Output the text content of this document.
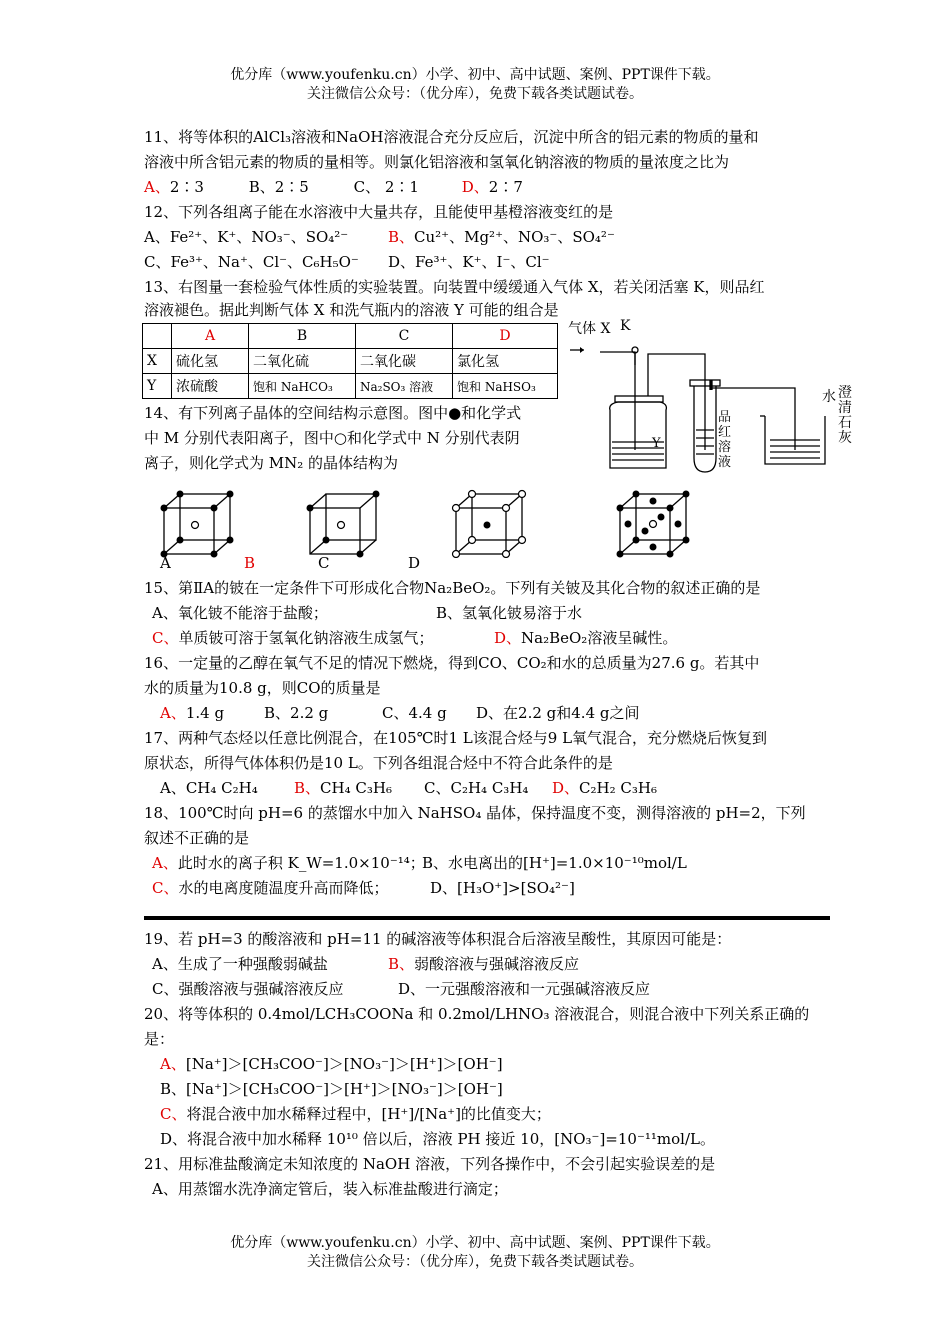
优分库（www.youfenku.cn）小学、初中、高中试题、案例、PPT课件下载。
关注微信公众号：（优分库），免费下载各类试题试卷。
11、将等体积的AlCl₃溶液和NaOH溶液混合充分反应后，沉淀中所含的铝元素的物质的量和
溶液中所含铝元素的物质的量相等。则氯化铝溶液和氢氧化钠溶液的物质的量浓度之比为
A、2∶3	B、2∶5	C、 2∶1	D、2∶7
12、下列各组离子能在水溶液中大量共存，且能使甲基橙溶液变红的是
A、Fe²⁺、K⁺、NO₃⁻、SO₄²⁻	B、Cu²⁺、Mg²⁺、NO₃⁻、SO₄²⁻
C、Fe³⁺、Na⁺、Cl⁻、C₆H₅O⁻ D、Fe³⁺、K⁺、I⁻、Cl⁻
13、右图量一套检验气体性质的实验装置。向装置中缓缓通入气体 X，若关闭活塞 K，则品红
溶液褪色。据此判断气体 X 和洗气瓶内的溶液 Y 可能的组合是
	A	B	C	D
X	硫化氢	二氧化硫	二氧化碳	氯化氢
Y	浓硫酸	饱和 NaHCO₃	Na₂SO₃ 溶液	饱和 NaHSO₃
气体 X K
Y
品
红
溶
液
水 澄
清
石
灰
14、有下列离子晶体的空间结构示意图。图中●和化学式
中 M 分别代表阳离子，图中○和化学式中 N 分别代表阴
离子，则化学式为 MN₂ 的晶体结构为
A	B	C	D
15、第ⅡA的铍在一定条件下可形成化合物Na₂BeO₂。下列有关铍及其化合物的叙述正确的是
A、氧化铍不能溶于盐酸；	B、氢氧化铍易溶于水
C、单质铍可溶于氢氧化钠溶液生成氢气；	D、Na₂BeO₂溶液呈碱性。
16、一定量的乙醇在氧气不足的情况下燃烧，得到CO、CO₂和水的总质量为27.6 g。若其中
水的质量为10.8 g，则CO的质量是
A、1.4 g	B、2.2 g	C、4.4 g D、在2.2 g和4.4 g之间
17、两种气态烃以任意比例混合，在105℃时1 L该混合烃与9 L氧气混合，充分燃烧后恢复到
原状态，所得气体体积仍是10 L。下列各组混合烃中不符合此条件的是
A、CH₄ C₂H₄ B、CH₄ C₃H₆ C、C₂H₄ C₃H₄ D、C₂H₂ C₃H₆
18、100℃时向 pH=6 的蒸馏水中加入 NaHSO₄ 晶体，保持温度不变，测得溶液的 pH=2，下列
叙述不正确的是
A、此时水的离子积 K_W=1.0×10⁻¹⁴；
B、水电离出的[H⁺]=1.0×10⁻¹⁰mol/L
C、水的电离度随温度升高而降低；	D、[H₃O⁺]>[SO₄²⁻]
19、若 pH=3 的酸溶液和 pH=11 的碱溶液等体积混合后溶液呈酸性，其原因可能是：
A、生成了一种强酸弱碱盐	B、弱酸溶液与强碱溶液反应
C、强酸溶液与强碱溶液反应	D、一元强酸溶液和一元强碱溶液反应
20、将等体积的 0.4mol/LCH₃COONa 和 0.2mol/LHNO₃ 溶液混合，则混合液中下列关系正确的
是：
A、[Na⁺]＞[CH₃COO⁻]＞[NO₃⁻]＞[H⁺]＞[OH⁻]
B、[Na⁺]＞[CH₃COO⁻]＞[H⁺]＞[NO₃⁻]＞[OH⁻]
C、将混合液中加水稀释过程中，[H⁺]/[Na⁺]的比值变大；
D、将混合液中加水稀释 10¹⁰ 倍以后，溶液 PH 接近 10，[NO₃⁻]=10⁻¹¹mol/L。
21、用标准盐酸滴定未知浓度的 NaOH 溶液，下列各操作中，不会引起实验误差的是
A、用蒸馏水洗净滴定管后，装入标准盐酸进行滴定；
优分库（www.youfenku.cn）小学、初中、高中试题、案例、PPT课件下载。
关注微信公众号：（优分库），免费下载各类试题试卷。
